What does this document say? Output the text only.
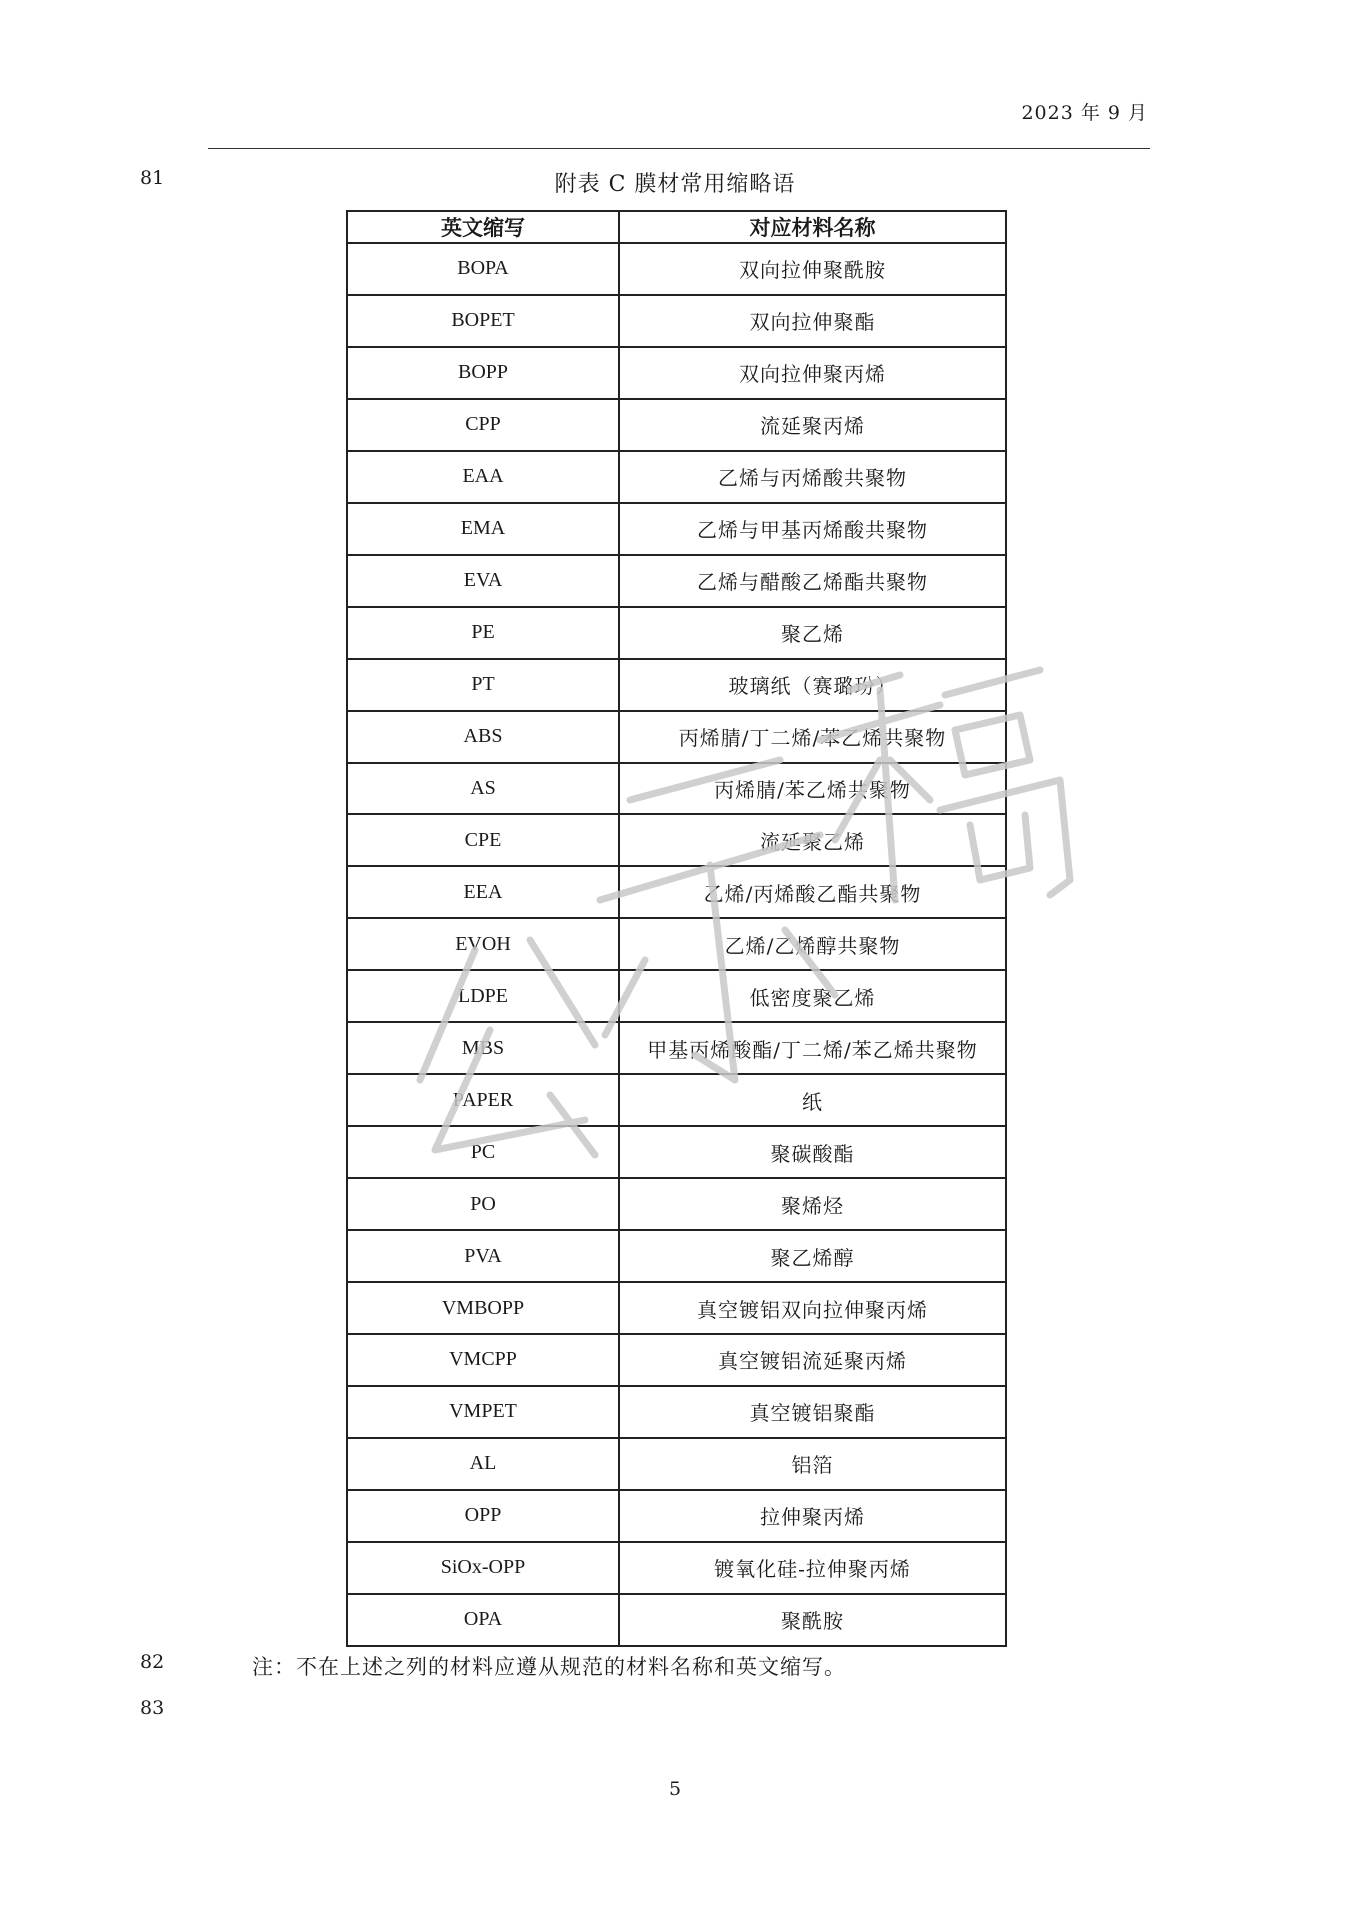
2023 年 9 月
81
82
83
附表 C 膜材常用缩略语
英文缩写	对应材料名称
BOPA	双向拉伸聚酰胺
BOPET	双向拉伸聚酯
BOPP	双向拉伸聚丙烯
CPP	流延聚丙烯
EAA	乙烯与丙烯酸共聚物
EMA	乙烯与甲基丙烯酸共聚物
EVA	乙烯与醋酸乙烯酯共聚物
PE	聚乙烯
PT	玻璃纸（赛璐玢）
ABS	丙烯腈/丁二烯/苯乙烯共聚物
AS	丙烯腈/苯乙烯共聚物
CPE	流延聚乙烯
EEA	乙烯/丙烯酸乙酯共聚物
EVOH	乙烯/乙烯醇共聚物
LDPE	低密度聚乙烯
MBS	甲基丙烯酸酯/丁二烯/苯乙烯共聚物
PAPER	纸
PC	聚碳酸酯
PO	聚烯烃
PVA	聚乙烯醇
VMBOPP	真空镀铝双向拉伸聚丙烯
VMCPP	真空镀铝流延聚丙烯
VMPET	真空镀铝聚酯
AL	铝箔
OPP	拉伸聚丙烯
SiOx-OPP	镀氧化硅-拉伸聚丙烯
OPA	聚酰胺
注：不在上述之列的材料应遵从规范的材料名称和英文缩写。
5
